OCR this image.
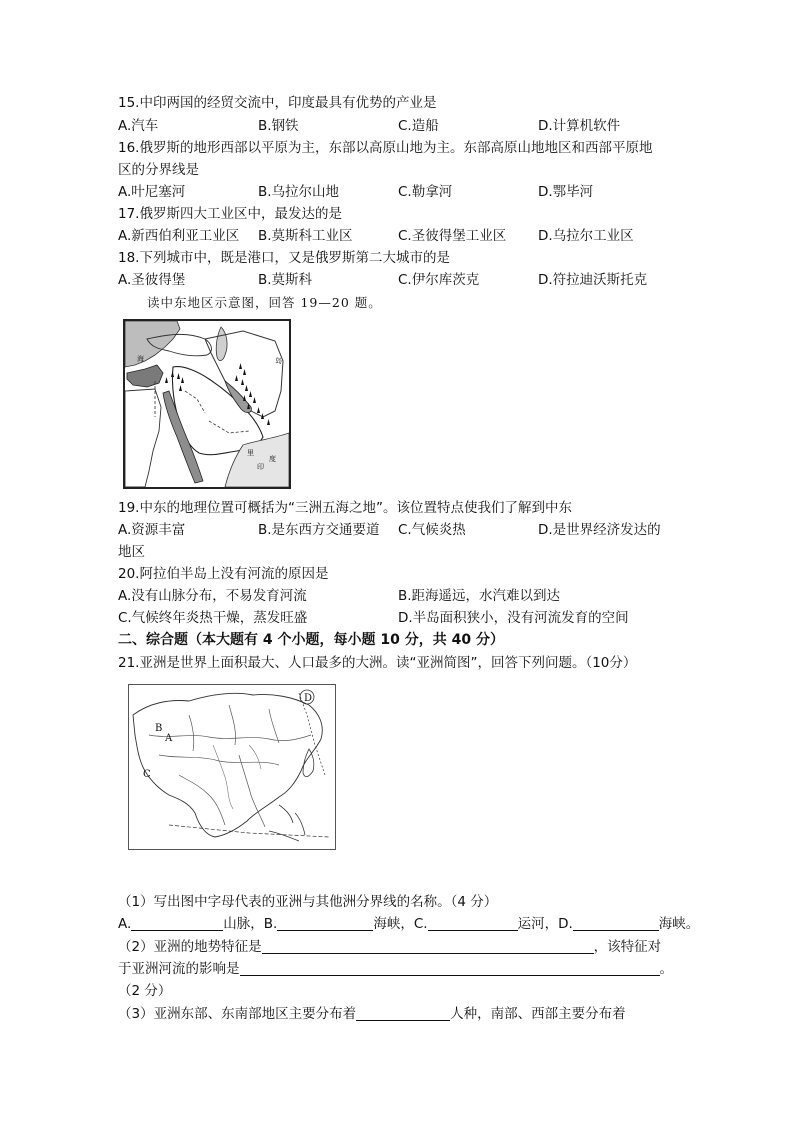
15.中印两国的经贸交流中，印度最具有优势的产业是
A.汽车	B.钢铁	C.造船	D.计算机软件
16.俄罗斯的地形西部以平原为主，东部以高原山地为主。东部高原山地地区和西部平原地
区的分界线是
A.叶尼塞河	B.乌拉尔山地	C.勒拿河	D.鄂毕河
17.俄罗斯四大工业区中，最发达的是
A.新西伯利亚工业区 B.莫斯科工业区	C.圣彼得堡工业区 D.乌拉尔工业区
18.下列城市中，既是港口，又是俄罗斯第二大城市的是
A.圣彼得堡	B.莫斯科	C.伊尔库茨克	D.符拉迪沃斯托克
读中东地区示意图，回答 19—20 题。
海	岛
里
印
度
19.中东的地理位置可概括为“三洲五海之地”。该位置特点使我们了解到中东
A.资源丰富	B.是东西方交通要道 C.气候炎热	D.是世界经济发达的
地区
20.阿拉伯半岛上没有河流的原因是
A.没有山脉分布，不易发育河流	B.距海遥远，水汽难以到达
C.气候终年炎热干燥，蒸发旺盛	D.半岛面积狭小，没有河流发育的空间
二、综合题（本大题有 4 个小题，每小题 10 分，共 40 分）
21.亚洲是世界上面积最大、人口最多的大洲。读“亚洲简图”，回答下列问题。（10分）
D
B
A
C
（1）写出图中字母代表的亚洲与其他洲分界线的名称。（4 分）
A.	山脉，B.	海峡，C.	运河，D.	海峡。
（2）亚洲的地势特征是	，该特征对
于亚洲河流的影响是	。
（2 分）
（3）亚洲东部、东南部地区主要分布着	人种，南部、西部主要分布着
